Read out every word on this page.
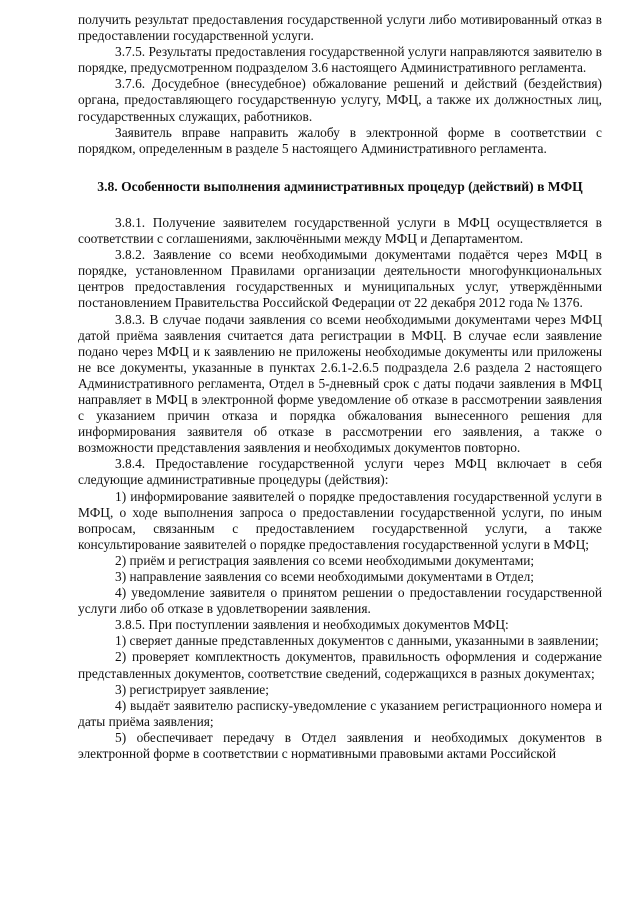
получить результат предоставления государственной услуги либо мотивированный отказ в предоставлении государственной услуги.

3.7.5. Результаты предоставления государственной услуги направляются заявителю в порядке, предусмотренном подразделом 3.6 настоящего Административного регламента.

3.7.6. Досудебное (внесудебное) обжалование решений и действий (бездействия) органа, предоставляющего государственную услугу, МФЦ, а также их должностных лиц, государственных служащих, работников.

Заявитель вправе направить жалобу в электронной форме в соответствии с порядком, определенным в разделе 5 настоящего Административного регламента.

3.8. Особенности выполнения административных процедур (действий) в МФЦ

3.8.1. Получение заявителем государственной услуги в МФЦ осуществляется в соответствии с соглашениями, заключёнными между МФЦ и Департаментом.

3.8.2. Заявление со всеми необходимыми документами подаётся через МФЦ в порядке, установленном Правилами организации деятельности многофункциональных центров предоставления государственных и муниципальных услуг, утверждёнными постановлением Правительства Российской Федерации от 22 декабря 2012 года № 1376.

3.8.3. В случае подачи заявления со всеми необходимыми документами через МФЦ датой приёма заявления считается дата регистрации в МФЦ. В случае если заявление подано через МФЦ и к заявлению не приложены необходимые документы или приложены не все документы, указанные в пунктах 2.6.1-2.6.5 подраздела 2.6 раздела 2 настоящего Административного регламента, Отдел в 5-дневный срок с даты подачи заявления в МФЦ направляет в МФЦ в электронной форме уведомление об отказе в рассмотрении заявления с указанием причин отказа и порядка обжалования вынесенного решения для информирования заявителя об отказе в рассмотрении его заявления, а также о возможности представления заявления и необходимых документов повторно.

3.8.4. Предоставление государственной услуги через МФЦ включает в себя следующие административные процедуры (действия):

1) информирование заявителей о порядке предоставления государственной услуги в МФЦ, о ходе выполнения запроса о предоставлении государственной услуги, по иным вопросам, связанным с предоставлением государственной услуги, а также консультирование заявителей о порядке предоставления государственной услуги в МФЦ;

2) приём и регистрация заявления со всеми необходимыми документами;

3) направление заявления со всеми необходимыми документами в Отдел;

4) уведомление заявителя о принятом решении о предоставлении государственной услуги либо об отказе в удовлетворении заявления.

3.8.5. При поступлении заявления и необходимых документов МФЦ:

1) сверяет данные представленных документов с данными, указанными в заявлении;

2) проверяет комплектность документов, правильность оформления и содержание представленных документов, соответствие сведений, содержащихся в разных документах;

3) регистрирует заявление;

4) выдаёт заявителю расписку-уведомление с указанием регистрационного номера и даты приёма заявления;

5) обеспечивает передачу в Отдел заявления и необходимых документов в электронной форме в соответствии с нормативными правовыми актами Российской
